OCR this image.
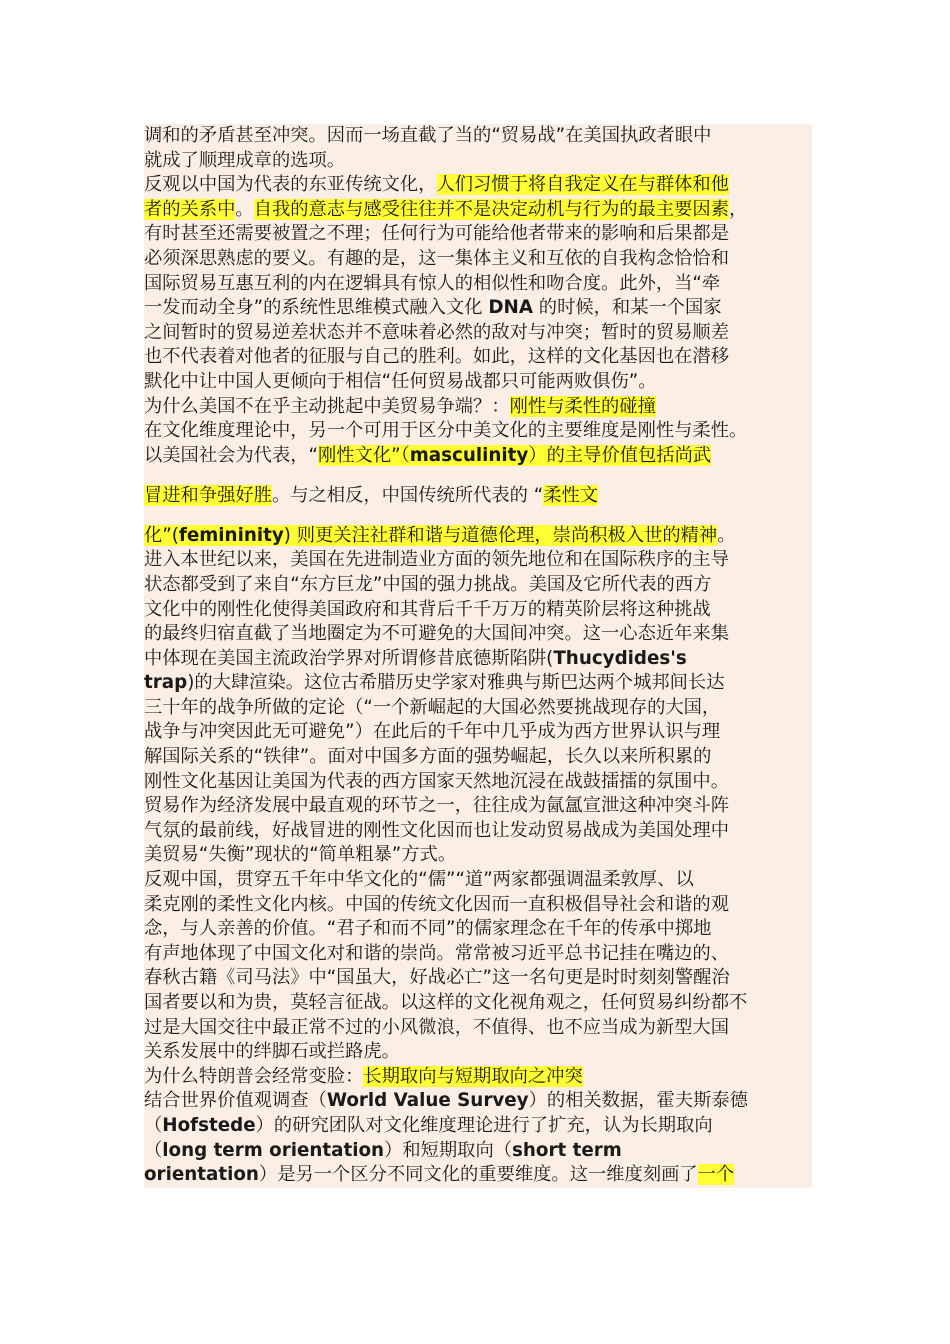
调和的矛盾甚至冲突。因而一场直截了当的“贸易战”在美国执政者眼中
就成了顺理成章的选项。
反观以中国为代表的东亚传统文化，人们习惯于将自我定义在与群体和他
者的关系中。自我的意志与感受往往并不是决定动机与行为的最主要因素，
有时甚至还需要被置之不理；任何行为可能给他者带来的影响和后果都是
必须深思熟虑的要义。有趣的是，这一集体主义和互依的自我构念恰恰和
国际贸易互惠互利的内在逻辑具有惊人的相似性和吻合度。此外，当“牵
一发而动全身”的系统性思维模式融入文化 DNA 的时候，和某一个国家
之间暂时的贸易逆差状态并不意味着必然的敌对与冲突；暂时的贸易顺差
也不代表着对他者的征服与自己的胜利。如此，这样的文化基因也在潜移
默化中让中国人更倾向于相信“任何贸易战都只可能两败俱伤”。
为什么美国不在乎主动挑起中美贸易争端？：刚性与柔性的碰撞
在文化维度理论中，另一个可用于区分中美文化的主要维度是刚性与柔性。
以美国社会为代表，“刚性文化”（masculinity）的主导价值包括尚武
冒进和争强好胜。与之相反，中国传统所代表的 “柔性文
化”(femininity) 则更关注社群和谐与道德伦理，崇尚积极入世的精神。
进入本世纪以来，美国在先进制造业方面的领先地位和在国际秩序的主导
状态都受到了来自“东方巨龙”中国的强力挑战。美国及它所代表的西方
文化中的刚性化使得美国政府和其背后千千万万的精英阶层将这种挑战
的最终归宿直截了当地圈定为不可避免的大国间冲突。这一心态近年来集
中体现在美国主流政治学界对所谓修昔底德斯陷阱(Thucydides's
trap)的大肆渲染。这位古希腊历史学家对雅典与斯巴达两个城邦间长达
三十年的战争所做的定论（“一个新崛起的大国必然要挑战现存的大国，
战争与冲突因此无可避免”）在此后的千年中几乎成为西方世界认识与理
解国际关系的“铁律”。面对中国多方面的强势崛起，长久以来所积累的
刚性文化基因让美国为代表的西方国家天然地沉浸在战鼓擂擂的氛围中。
贸易作为经济发展中最直观的环节之一，往往成为氤氲宣泄这种冲突斗阵
气氛的最前线，好战冒进的刚性文化因而也让发动贸易战成为美国处理中
美贸易“失衡”现状的“简单粗暴”方式。
反观中国，贯穿五千年中华文化的“儒”“道”两家都强调温柔敦厚、以
柔克刚的柔性文化内核。中国的传统文化因而一直积极倡导社会和谐的观
念，与人亲善的价值。“君子和而不同”的儒家理念在千年的传承中掷地
有声地体现了中国文化对和谐的崇尚。常常被习近平总书记挂在嘴边的、
春秋古籍《司马法》中“国虽大，好战必亡”这一名句更是时时刻刻警醒治
国者要以和为贵，莫轻言征战。以这样的文化视角观之，任何贸易纠纷都不
过是大国交往中最正常不过的小风微浪，不值得、也不应当成为新型大国
关系发展中的绊脚石或拦路虎。
为什么特朗普会经常变脸：长期取向与短期取向之冲突
结合世界价值观调查（World Value Survey）的相关数据，霍夫斯泰德
（Hofstede）的研究团队对文化维度理论进行了扩充，认为长期取向
（long term orientation）和短期取向（short term
orientation）是另一个区分不同文化的重要维度。这一维度刻画了一个
